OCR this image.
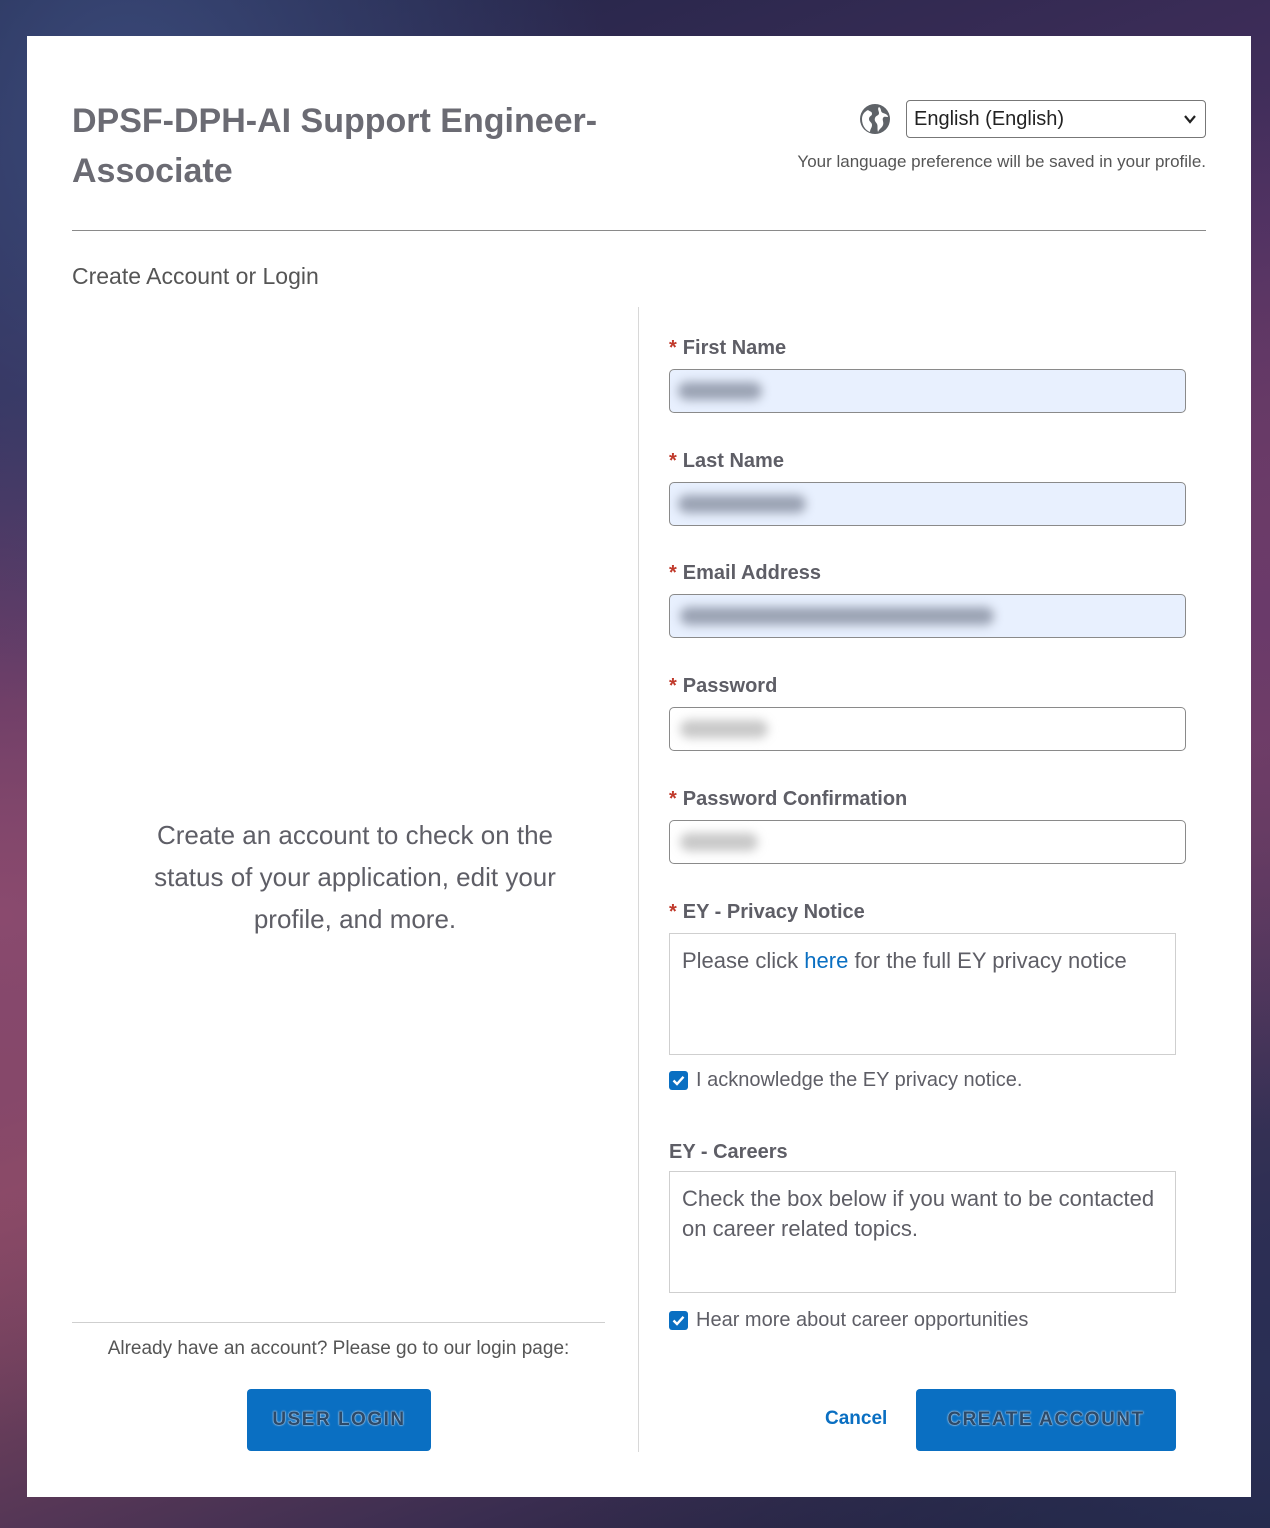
DPSF-DPH-AI Support Engineer-Associate
English (English)

Your language preference will be saved in your profile.

Create Account or Login

Create an account to check on the status of your application, edit your profile, and more.

Already have an account? Please go to our login page:

USER LOGIN

* First Name

* Last Name

* Email Address

* Password

* Password Confirmation

* EY - Privacy Notice

Please click here for the full EY privacy notice
I acknowledge the EY privacy notice.

EY - Careers

Check the box below if you want to be contacted on career related topics.
Hear more about career opportunities

Cancel	CREATE ACCOUNT
